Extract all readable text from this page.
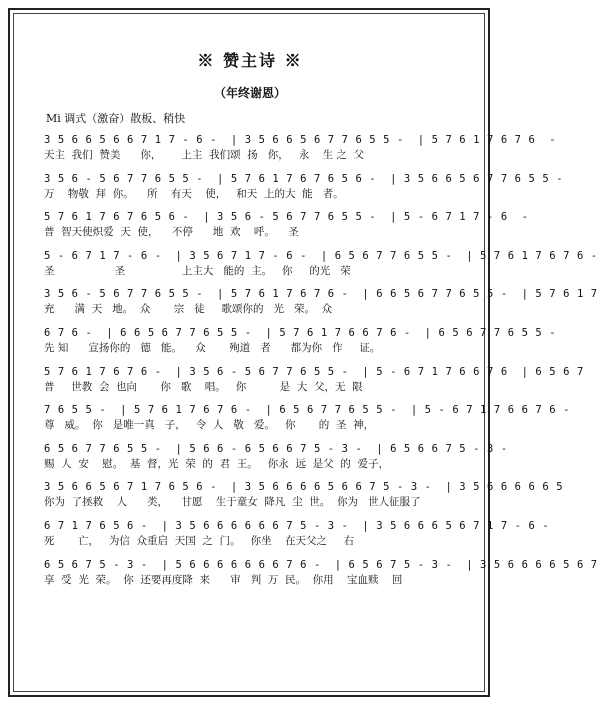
※ 赞主诗 ※
（年终谢恩）
Mi 调式（激奋）散板、稍快
3 5 6 6 5 6 6 7 1 7 - 6 -  | 3 5 6 6 5 6 7 7 6 5 5 -  | 5 7 6 1 7 6 7 6  -
天主  我们  赞美      你，      上主  我们颂  扬   你，   永    生 之  父
3 5 6 - 5 6 7 7 6 5 5 -  | 5 7 6 1 7 6 7 6 5 6 -  | 3 5 6 6 5 6 7 7 6 5 5 -
万    物敬  拜  你。    所    有天    使，   和天  上的大  能   者。
5 7 6 1 7 6 7 6 5 6 -  | 3 5 6 - 5 6 7 7 6 5 5 -  | 5 - 6 7 1 7 - 6  -
普  智天使炽爱  天  使，    不停      地  欢    呼。    圣
5 - 6 7 1 7 - 6 -  | 3 5 6 7 1 7 - 6 -  | 6 5 6 7 7 6 5 5 -  | 5 7 6 1 7 6 7 6 -
圣                  圣                 上主大   能的  主。   你     的光   荣
3 5 6 - 5 6 7 7 6 5 5 -  | 5 7 6 1 7 6 7 6 -  | 6 6 5 6 7 7 6 5 5 -  | 5 7 6 1 7
充      满  天   地。  众       宗   徒     歌颂你的   光   荣。  众
6 7 6 -  | 6 6 5 6 7 7 6 5 5 -  | 5 7 6 1 7 6 6 7 6 -  | 6 5 6 7 7 6 5 5 -
先 知      宣扬你的   德   能。    众       殉道   者      都为你   作     证。
5 7 6 1 7 6 7 6 -  | 3 5 6 - 5 6 7 7 6 5 5 -  | 5 - 6 7 1 7 6 6 7 6  | 6 5 6 7
普     世教  会  也向       你   歌    唱。   你          是  大  父，无  限
7 6 5 5 -  | 5 7 6 1 7 6 7 6 -  | 6 5 6 7 7 6 5 5 -  | 5 - 6 7 1 7 6 6 7 6 -
尊   威。  你   是唯一真   子，   令  人   敬   爱。   你       的  圣  神，
6 5 6 7 7 6 5 5 -  | 5 6 6 - 6 5 6 6 7 5 - 3 -  | 6 5 6 6 7 5 - 3 -
赐  人  安    慰。  基  督，光  荣  的  君  王。   你永  远  是父  的  爱子，
3 5 6 6 5 6 7 1 7 6 5 6 -  | 3 5 6 6 6 6 5 6 6 7 5 - 3 -  | 3 5 6 6 6 6 6 5
你为  了拯救    人      类，    甘愿    生于童女  降凡  尘  世。  你为   世人征服了
6 7 1 7 6 5 6 -  | 3 5 6 6 6 6 6 6 7 5 - 3 -  | 3 5 6 6 6 5 6 7 1 7 - 6 -
死       亡，   为信  众重启  天国  之  门。   你坐    在天父之     右
6 5 6 7 5 - 3 -  | 5 6 6 6 6 6 6 6 7 6 -  | 6 5 6 7 5 - 3 -  | 3 5 6 6 6 6 5 6 7
享  受  光  荣。  你  还要再度降  来      审   判  万  民。  你用    宝血赎    回
